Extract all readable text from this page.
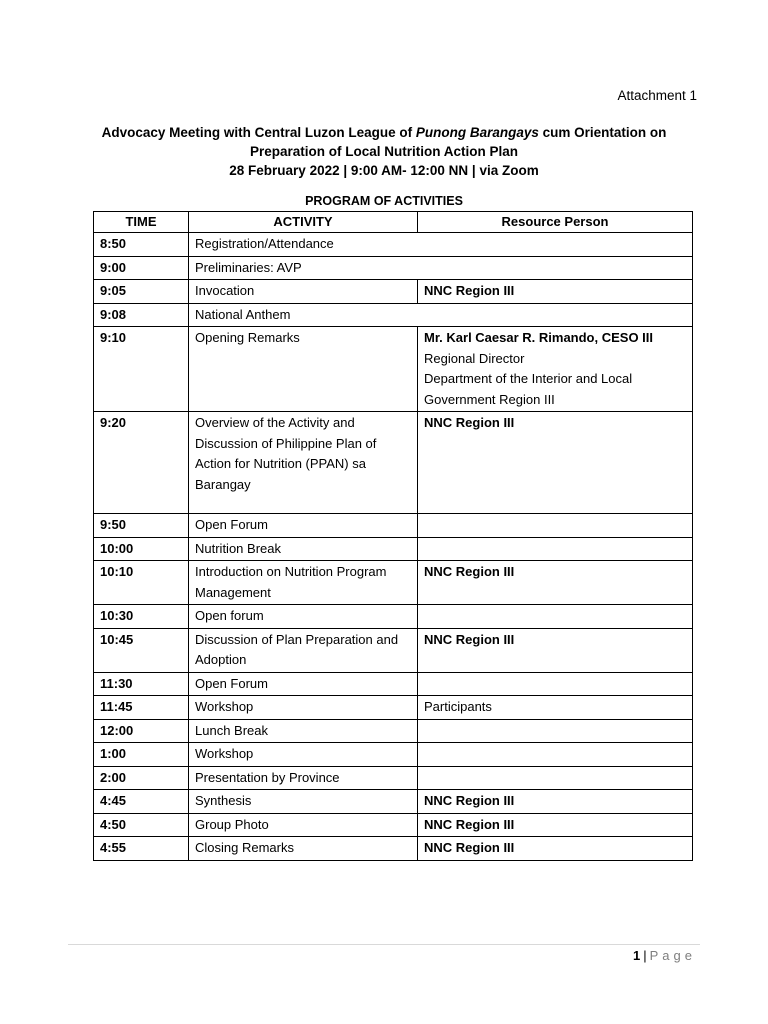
Attachment 1
Advocacy Meeting with Central Luzon League of Punong Barangays cum Orientation on
Preparation of Local Nutrition Action Plan
28 February 2022 | 9:00 AM- 12:00 NN | via Zoom
PROGRAM OF ACTIVITIES
TIME	ACTIVITY	Resource Person
8:50	Registration/Attendance	
9:00	Preliminaries: AVP	
9:05	Invocation	NNC Region III

9:08	National Anthem	
9:10	Opening Remarks	Mr. Karl Caesar R. Rimando, CESO III
Regional Director
Department of the Interior and Local Government Region III

9:20	Overview of the Activity and Discussion of Philippine Plan of Action for Nutrition (PPAN) sa Barangay	NNC Region III

9:50	Open Forum	
10:00	Nutrition Break	
10:10	Introduction on Nutrition Program Management	NNC Region III

10:30	Open forum	
10:45	Discussion of Plan Preparation and Adoption	NNC Region III

11:30	Open Forum	
11:45	Workshop	Participants

12:00	Lunch Break	
1:00	Workshop	
2:00	Presentation by Province	
4:45	Synthesis	NNC Region III

4:50	Group Photo	NNC Region III

4:55	Closing Remarks	NNC Region III
1 | Page
